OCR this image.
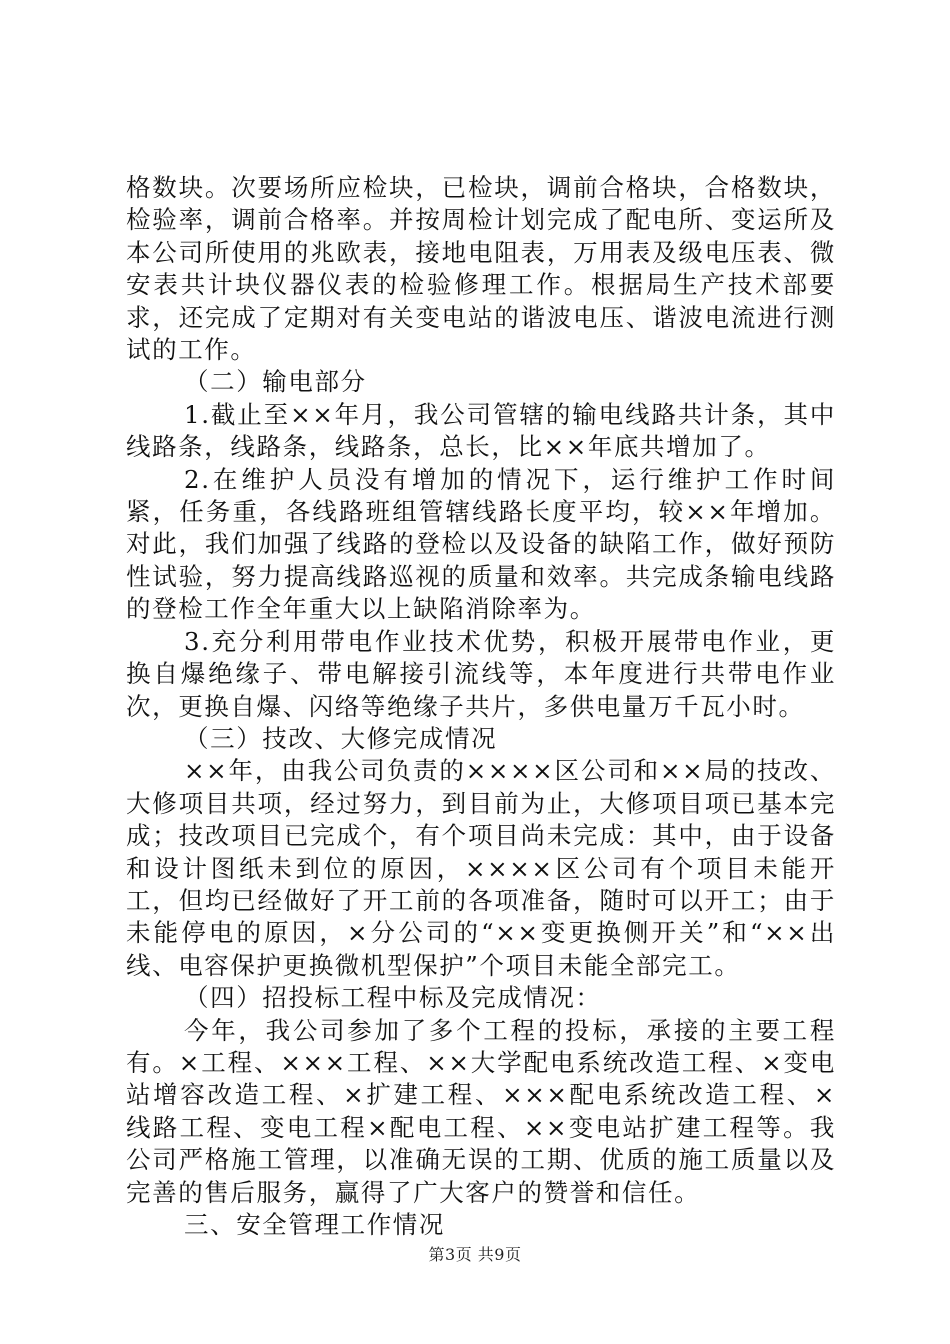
格数块。次要场所应检块，已检块，调前合格块，合格数块，检验率，调前合格率。并按周检计划完成了配电所、变运所及本公司所使用的兆欧表，接地电阻表，万用表及级电压表、微安表共计块仪器仪表的检验修理工作。根据局生产技术部要求，还完成了定期对有关变电站的谐波电压、谐波电流进行测试的工作。

（二）输电部分

1.截止至××年月，我公司管辖的输电线路共计条，其中线路条，线路条，线路条，总长，比××年底共增加了。

2.在维护人员没有增加的情况下，运行维护工作时间紧，任务重，各线路班组管辖线路长度平均，较××年增加。对此，我们加强了线路的登检以及设备的缺陷工作，做好预防性试验，努力提高线路巡视的质量和效率。共完成条输电线路的登检工作全年重大以上缺陷消除率为。

3.充分利用带电作业技术优势，积极开展带电作业，更换自爆绝缘子、带电解接引流线等，本年度进行共带电作业次，更换自爆、闪络等绝缘子共片，多供电量万千瓦小时。

（三）技改、大修完成情况

××年，由我公司负责的××××区公司和××局的技改、大修项目共项，经过努力，到目前为止，大修项目项已基本完成；技改项目已完成个，有个项目尚未完成：其中，由于设备和设计图纸未到位的原因，××××区公司有个项目未能开工，但均已经做好了开工前的各项准备，随时可以开工；由于未能停电的原因，×分公司的“××变更换侧开关”和“××出线、电容保护更换微机型保护”个项目未能全部完工。

（四）招投标工程中标及完成情况：

今年，我公司参加了多个工程的投标，承接的主要工程有。×工程、×××工程、××大学配电系统改造工程、×变电站增容改造工程、×扩建工程、×××配电系统改造工程、×线路工程、变电工程×配电工程、××变电站扩建工程等。我公司严格施工管理，以准确无误的工期、优质的施工质量以及完善的售后服务，赢得了广大客户的赞誉和信任。

三、安全管理工作情况

第3页 共9页
